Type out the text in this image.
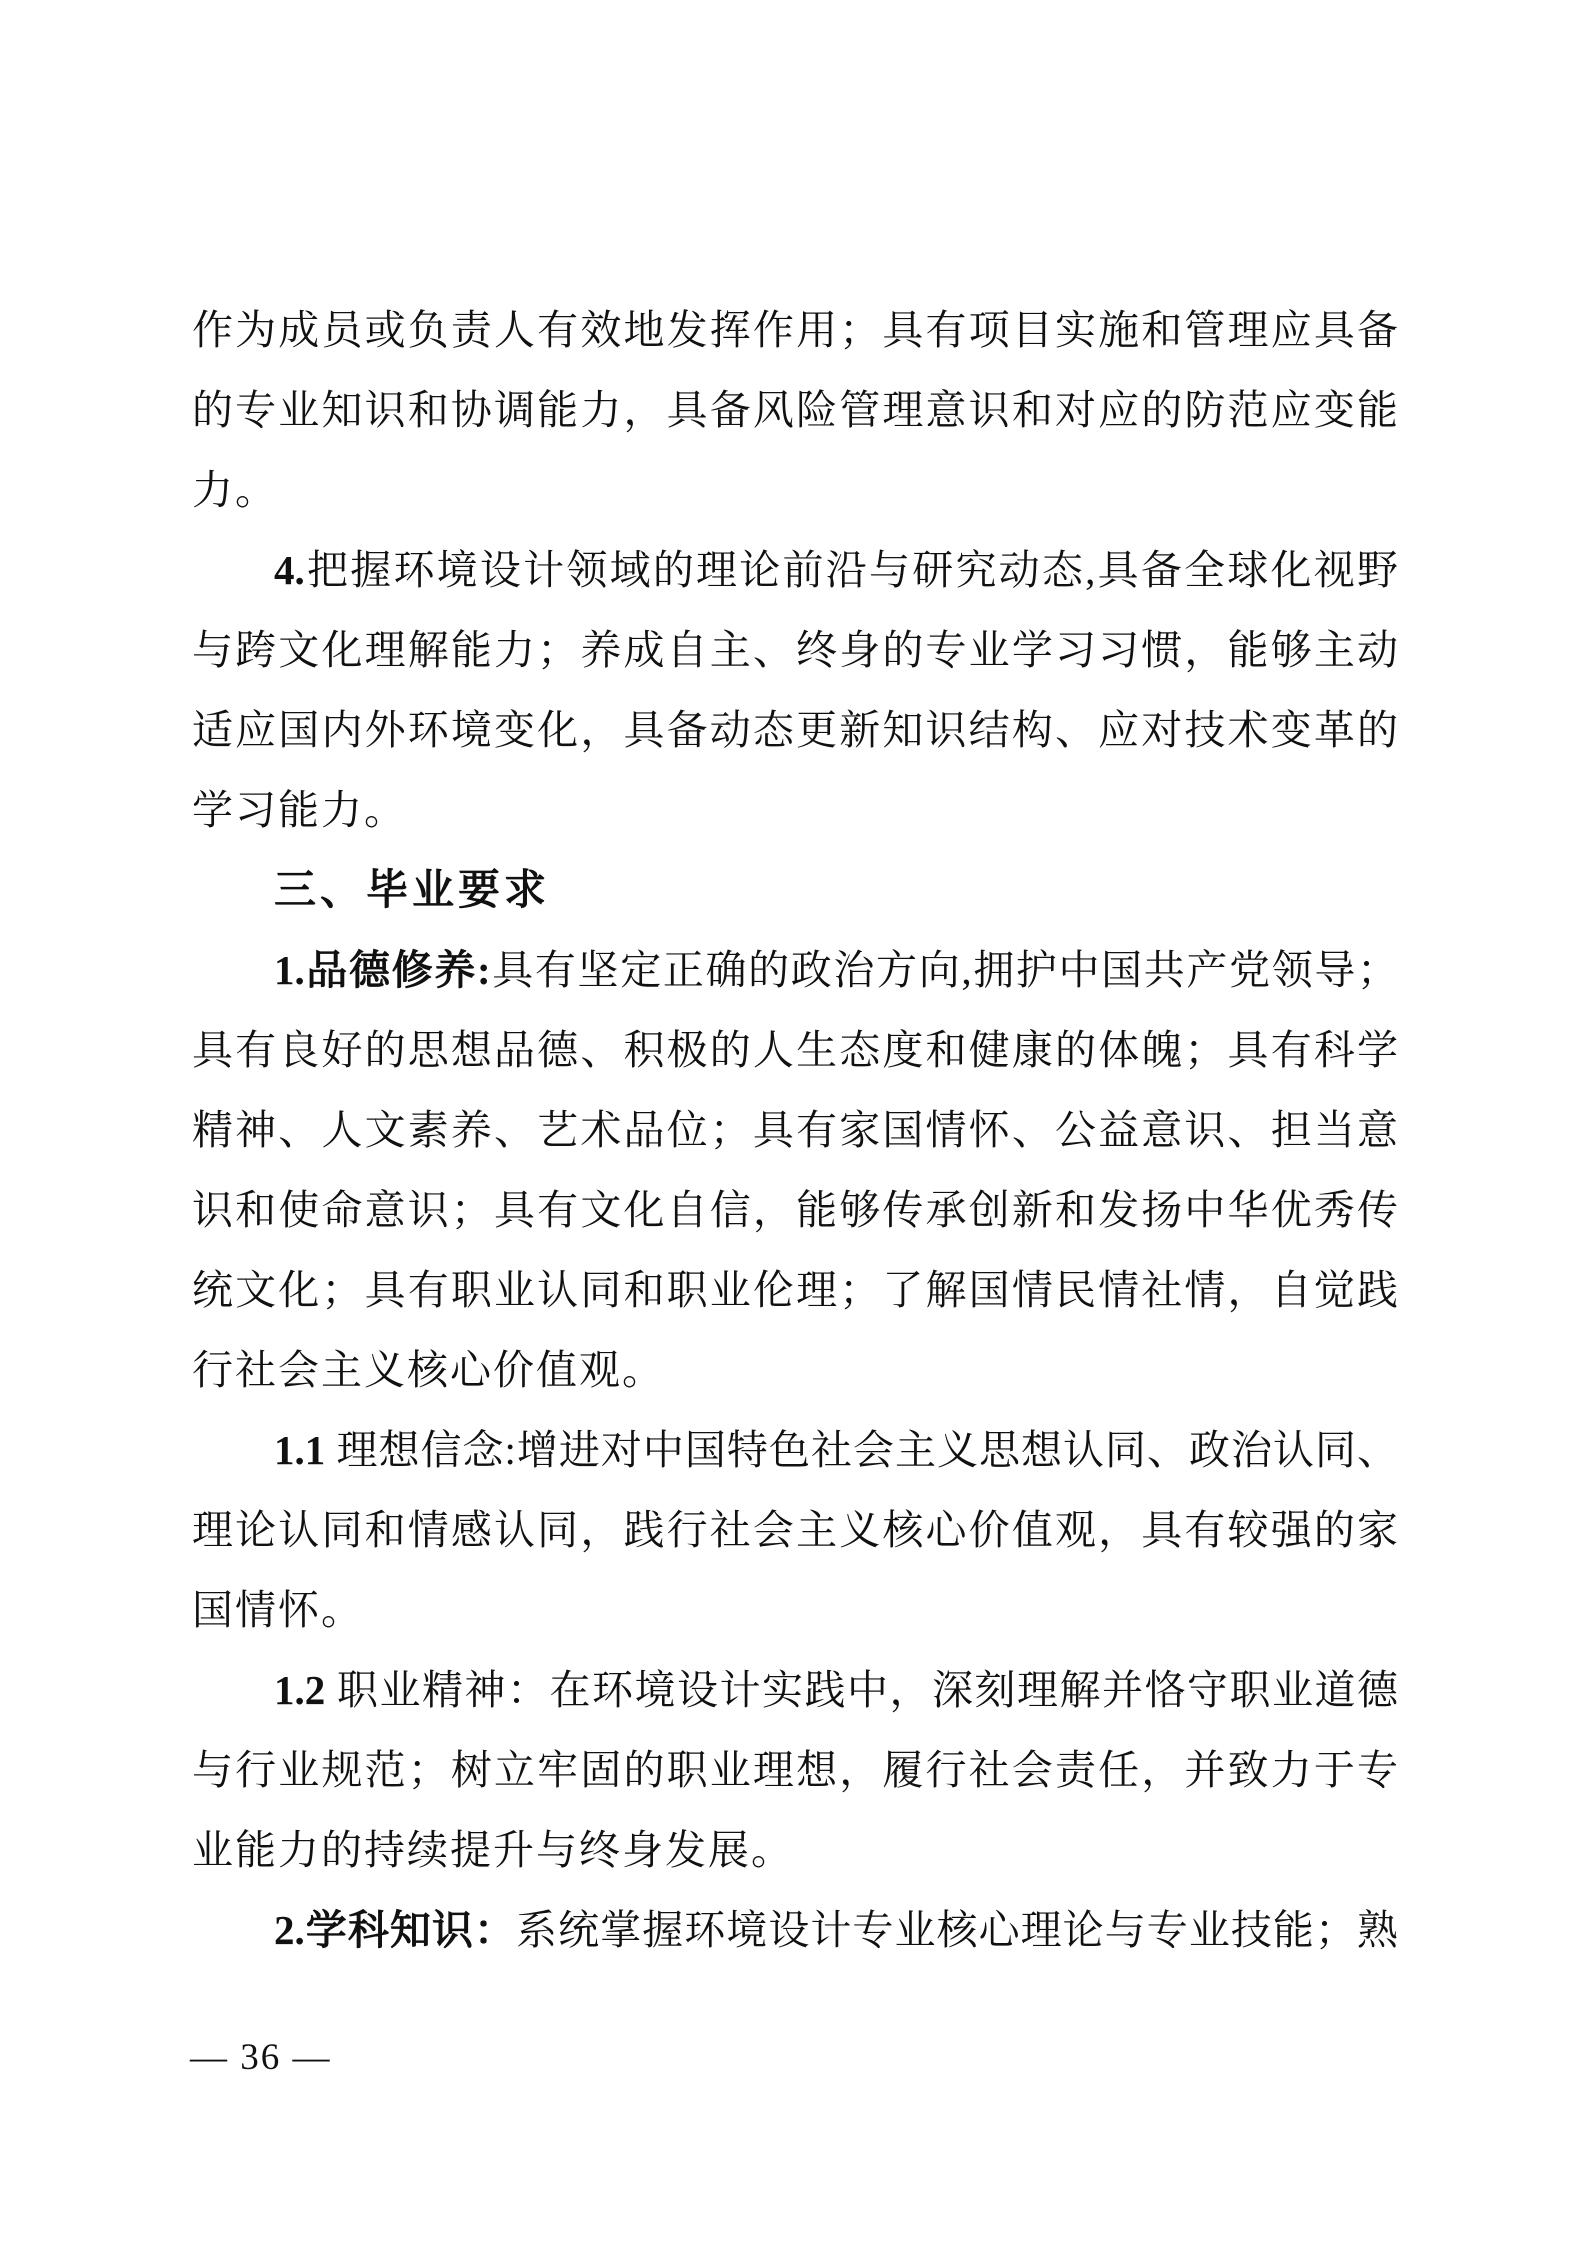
作为成员或负责人有效地发挥作用；具有项目实施和管理应具备
的专业知识和协调能力，具备风险管理意识和对应的防范应变能
力。
4.把握环境设计领域的理论前沿与研究动态,具备全球化视野
与跨文化理解能力；养成自主、终身的专业学习习惯，能够主动
适应国内外环境变化，具备动态更新知识结构、应对技术变革的
学习能力。
三、毕业要求
1.品德修养:具有坚定正确的政治方向,拥护中国共产党领导；
具有良好的思想品德、积极的人生态度和健康的体魄；具有科学
精神、人文素养、艺术品位；具有家国情怀、公益意识、担当意
识和使命意识；具有文化自信，能够传承创新和发扬中华优秀传
统文化；具有职业认同和职业伦理；了解国情民情社情，自觉践
行社会主义核心价值观。
1.1 理想信念:增进对中国特色社会主义思想认同、政治认同、
理论认同和情感认同，践行社会主义核心价值观，具有较强的家
国情怀。
1.2 职业精神：在环境设计实践中，深刻理解并恪守职业道德
与行业规范；树立牢固的职业理想，履行社会责任，并致力于专
业能力的持续提升与终身发展。
2.学科知识：系统掌握环境设计专业核心理论与专业技能；熟
— 36 —
